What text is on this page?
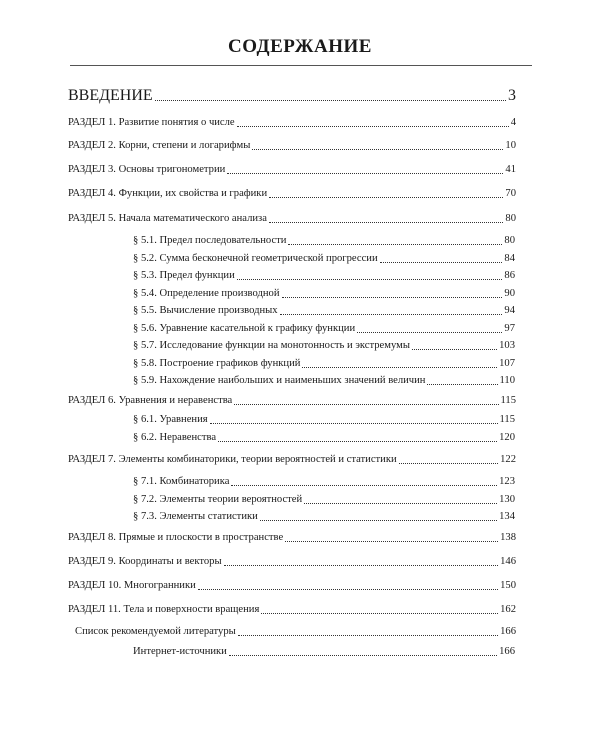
СОДЕРЖАНИЕ
ВВЕДЕНИЕ	3
РАЗДЕЛ 1. Развитие понятия о числе	4
РАЗДЕЛ 2. Корни, степени и логарифмы	10
РАЗДЕЛ 3. Основы тригонометрии	41
РАЗДЕЛ 4. Функции, их свойства и графики	70
РАЗДЕЛ 5. Начала математического анализа	80
§ 5.1. Предел последовательности	80
§ 5.2. Сумма бесконечной геометрической прогрессии	84
§ 5.3. Предел функции	86
§ 5.4. Определение производной	90
§ 5.5. Вычисление производных	94
§ 5.6. Уравнение касательной к графику функции	97
§ 5.7. Исследование функции на монотонность и экстремумы	103
§ 5.8. Построение графиков функций	107
§ 5.9. Нахождение наибольших и наименьших значений величин	110
РАЗДЕЛ 6. Уравнения и неравенства	115
§ 6.1. Уравнения	115
§ 6.2. Неравенства	120
РАЗДЕЛ 7. Элементы комбинаторики, теории вероятностей и статистики	122
§ 7.1. Комбинаторика	123
§ 7.2. Элементы теории вероятностей	130
§ 7.3. Элементы статистики	134
РАЗДЕЛ 8. Прямые и плоскости в пространстве	138
РАЗДЕЛ 9. Координаты и векторы	146
РАЗДЕЛ 10. Многогранники	150
РАЗДЕЛ 11. Тела и поверхности вращения	162
Список рекомендуемой литературы	166
Интернет-источники	166
